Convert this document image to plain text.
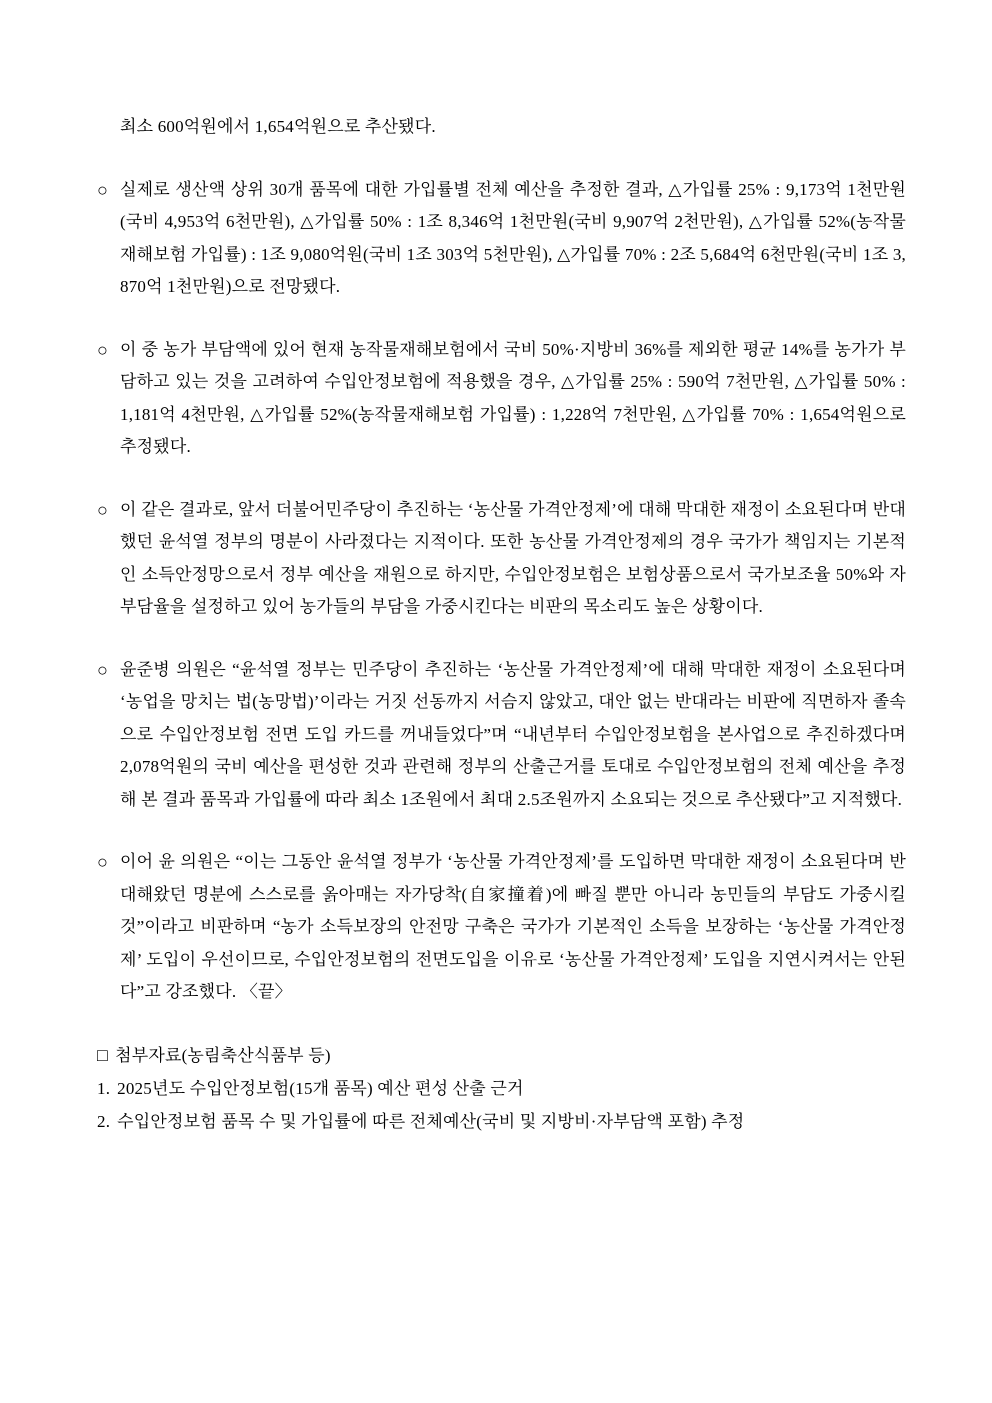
최소 600억원에서 1,654억원으로 추산됐다.

○ 실제로 생산액 상위 30개 품목에 대한 가입률별 전체 예산을 추정한 결과, △가입률 25% : 9,173억 1천만원(국비 4,953억 6천만원), △가입률 50% : 1조 8,346억 1천만원(국비 9,907억 2천만원), △가입률 52%(농작물재해보험 가입률) : 1조 9,080억원(국비 1조 303억 5천만원), △가입률 70% : 2조 5,684억 6천만원(국비 1조 3,870억 1천만원)으로 전망됐다.
○ 이 중 농가 부담액에 있어 현재 농작물재해보험에서 국비 50%·지방비 36%를 제외한 평균 14%를 농가가 부담하고 있는 것을 고려하여 수입안정보험에 적용했을 경우, △가입률 25% : 590억 7천만원, △가입률 50% : 1,181억 4천만원, △가입률 52%(농작물재해보험 가입률) : 1,228억 7천만원, △가입률 70% : 1,654억원으로 추정됐다.
○ 이 같은 결과로, 앞서 더불어민주당이 추진하는 ‘농산물 가격안정제’에 대해 막대한 재정이 소요된다며 반대했던 윤석열 정부의 명분이 사라졌다는 지적이다. 또한 농산물 가격안정제의 경우 국가가 책임지는 기본적인 소득안정망으로서 정부 예산을 재원으로 하지만, 수입안정보험은 보험상품으로서 국가보조율 50%와 자부담율을 설정하고 있어 농가들의 부담을 가중시킨다는 비판의 목소리도 높은 상황이다.
○ 윤준병 의원은 “윤석열 정부는 민주당이 추진하는 ‘농산물 가격안정제’에 대해 막대한 재정이 소요된다며 ‘농업을 망치는 법(농망법)’이라는 거짓 선동까지 서슴지 않았고, 대안 없는 반대라는 비판에 직면하자 졸속으로 수입안정보험 전면 도입 카드를 꺼내들었다”며 “내년부터 수입안정보험을 본사업으로 추진하겠다며 2,078억원의 국비 예산을 편성한 것과 관련해 정부의 산출근거를 토대로 수입안정보험의 전체 예산을 추정해 본 결과 품목과 가입률에 따라 최소 1조원에서 최대 2.5조원까지 소요되는 것으로 추산됐다”고 지적했다.
○ 이어 윤 의원은 “이는 그동안 윤석열 정부가 ‘농산물 가격안정제’를 도입하면 막대한 재정이 소요된다며 반대해왔던 명분에 스스로를 옭아매는 자가당착(自家撞着)에 빠질 뿐만 아니라 농민들의 부담도 가중시킬 것”이라고 비판하며 “농가 소득보장의 안전망 구축은 국가가 기본적인 소득을 보장하는 ‘농산물 가격안정제’ 도입이 우선이므로, 수입안정보험의 전면도입을 이유로 ‘농산물 가격안정제’ 도입을 지연시켜서는 안된다”고 강조했다. 〈끝〉

□ 첨부자료(농림축산식품부 등)

1. 2025년도 수입안정보험(15개 품목) 예산 편성 산출 근거

2. 수입안정보험 품목 수 및 가입률에 따른 전체예산(국비 및 지방비·자부담액 포함) 추정
